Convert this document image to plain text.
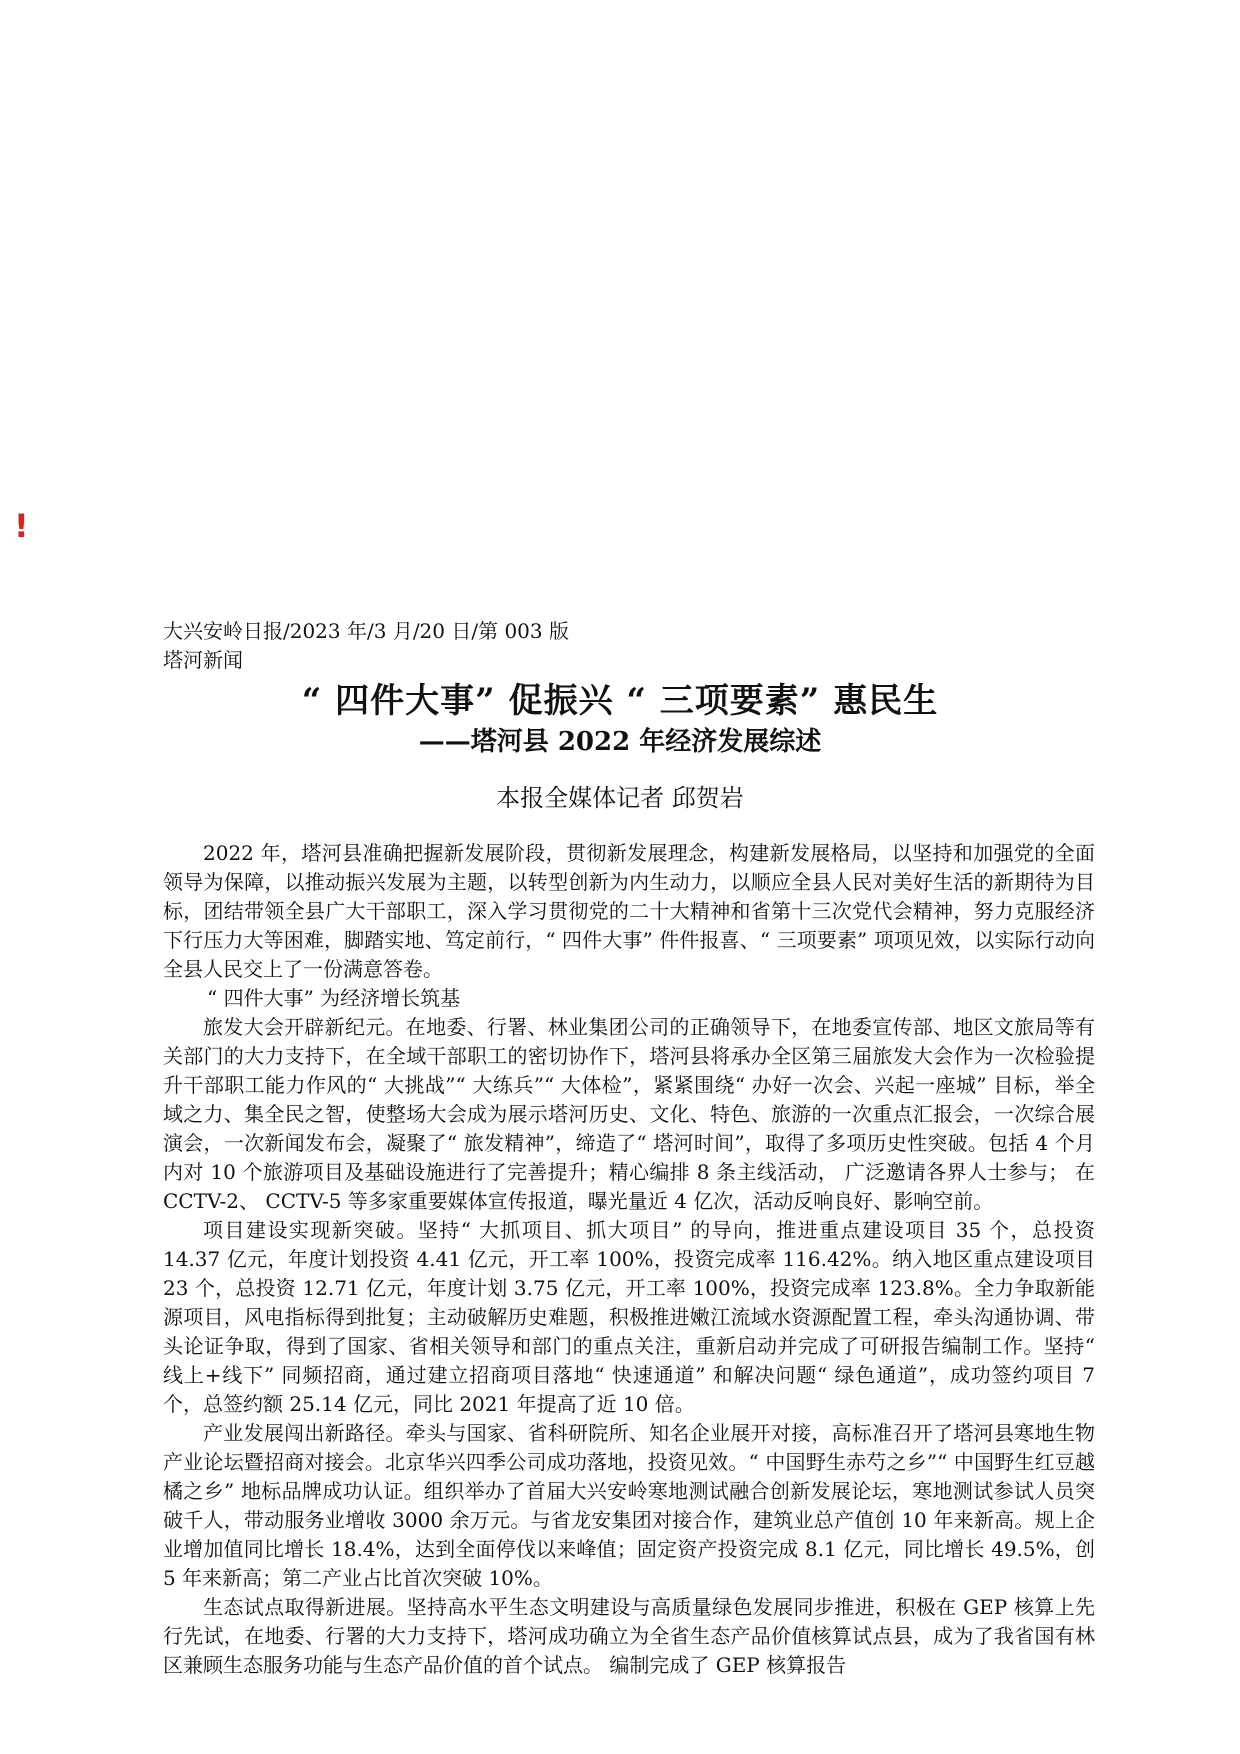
!
大兴安岭日报/2023 年/3 月/20 日/第 003 版塔河新闻
“ 四件大事” 促振兴 “ 三项要素” 惠民生
——塔河县 2022 年经济发展综述
本报全媒体记者 邱贺岩

2022 年，塔河县准确把握新发展阶段，贯彻新发展理念，构建新发展格局，以坚持和加强党的全面领导为保障，以推动振兴发展为主题，以转型创新为内生动力，以顺应全县人民对美好生活的新期待为目标，团结带领全县广大干部职工，深入学习贯彻党的二十大精神和省第十三次党代会精神，努力克服经济下行压力大等困难，脚踏实地、笃定前行，“ 四件大事” 件件报喜、“ 三项要素” 项项见效，以实际行动向全县人民交上了一份满意答卷。

“ 四件大事” 为经济增长筑基

旅发大会开辟新纪元。在地委、行署、林业集团公司的正确领导下，在地委宣传部、地区文旅局等有关部门的大力支持下，在全域干部职工的密切协作下，塔河县将承办全区第三届旅发大会作为一次检验提升干部职工能力作风的“ 大挑战”“ 大练兵”“ 大体检”，紧紧围绕“ 办好一次会、兴起一座城” 目标，举全域之力、集全民之智，使整场大会成为展示塔河历史、文化、特色、旅游的一次重点汇报会，一次综合展演会，一次新闻发布会，凝聚了“ 旅发精神”，缔造了“ 塔河时间”，取得了多项历史性突破。包括 4 个月内对 10 个旅游项目及基础设施进行了完善提升；精心编排 8 条主线活动， 广泛邀请各界人士参与； 在 CCTV-2、 CCTV-5 等多家重要媒体宣传报道，曝光量近 4 亿次，活动反响良好、影响空前。

项目建设实现新突破。坚持“ 大抓项目、抓大项目” 的导向，推进重点建设项目 35 个，总投资 14.37 亿元，年度计划投资 4.41 亿元，开工率 100%，投资完成率 116.42%。纳入地区重点建设项目 23 个，总投资 12.71 亿元，年度计划 3.75 亿元，开工率 100%，投资完成率 123.8%。全力争取新能源项目，风电指标得到批复；主动破解历史难题，积极推进嫩江流域水资源配置工程，牵头沟通协调、带头论证争取，得到了国家、省相关领导和部门的重点关注，重新启动并完成了可研报告编制工作。坚持“ 线上+线下” 同频招商，通过建立招商项目落地“ 快速通道” 和解决问题“ 绿色通道”，成功签约项目 7 个，总签约额 25.14 亿元，同比 2021 年提高了近 10 倍。

产业发展闯出新路径。牵头与国家、省科研院所、知名企业展开对接，高标准召开了塔河县寒地生物产业论坛暨招商对接会。北京华兴四季公司成功落地，投资见效。“ 中国野生赤芍之乡”“ 中国野生红豆越橘之乡” 地标品牌成功认证。组织举办了首届大兴安岭寒地测试融合创新发展论坛，寒地测试参试人员突破千人，带动服务业增收 3000 余万元。与省龙安集团对接合作，建筑业总产值创 10 年来新高。规上企业增加值同比增长 18.4%，达到全面停伐以来峰值；固定资产投资完成 8.1 亿元，同比增长 49.5%，创 5 年来新高；第二产业占比首次突破 10%。

生态试点取得新进展。坚持高水平生态文明建设与高质量绿色发展同步推进，积极在 GEP 核算上先行先试，在地委、行署的大力支持下，塔河成功确立为全省生态产品价值核算试点县，成为了我省国有林区兼顾生态服务功能与生态产品价值的首个试点。 编制完成了 GEP 核算报告
